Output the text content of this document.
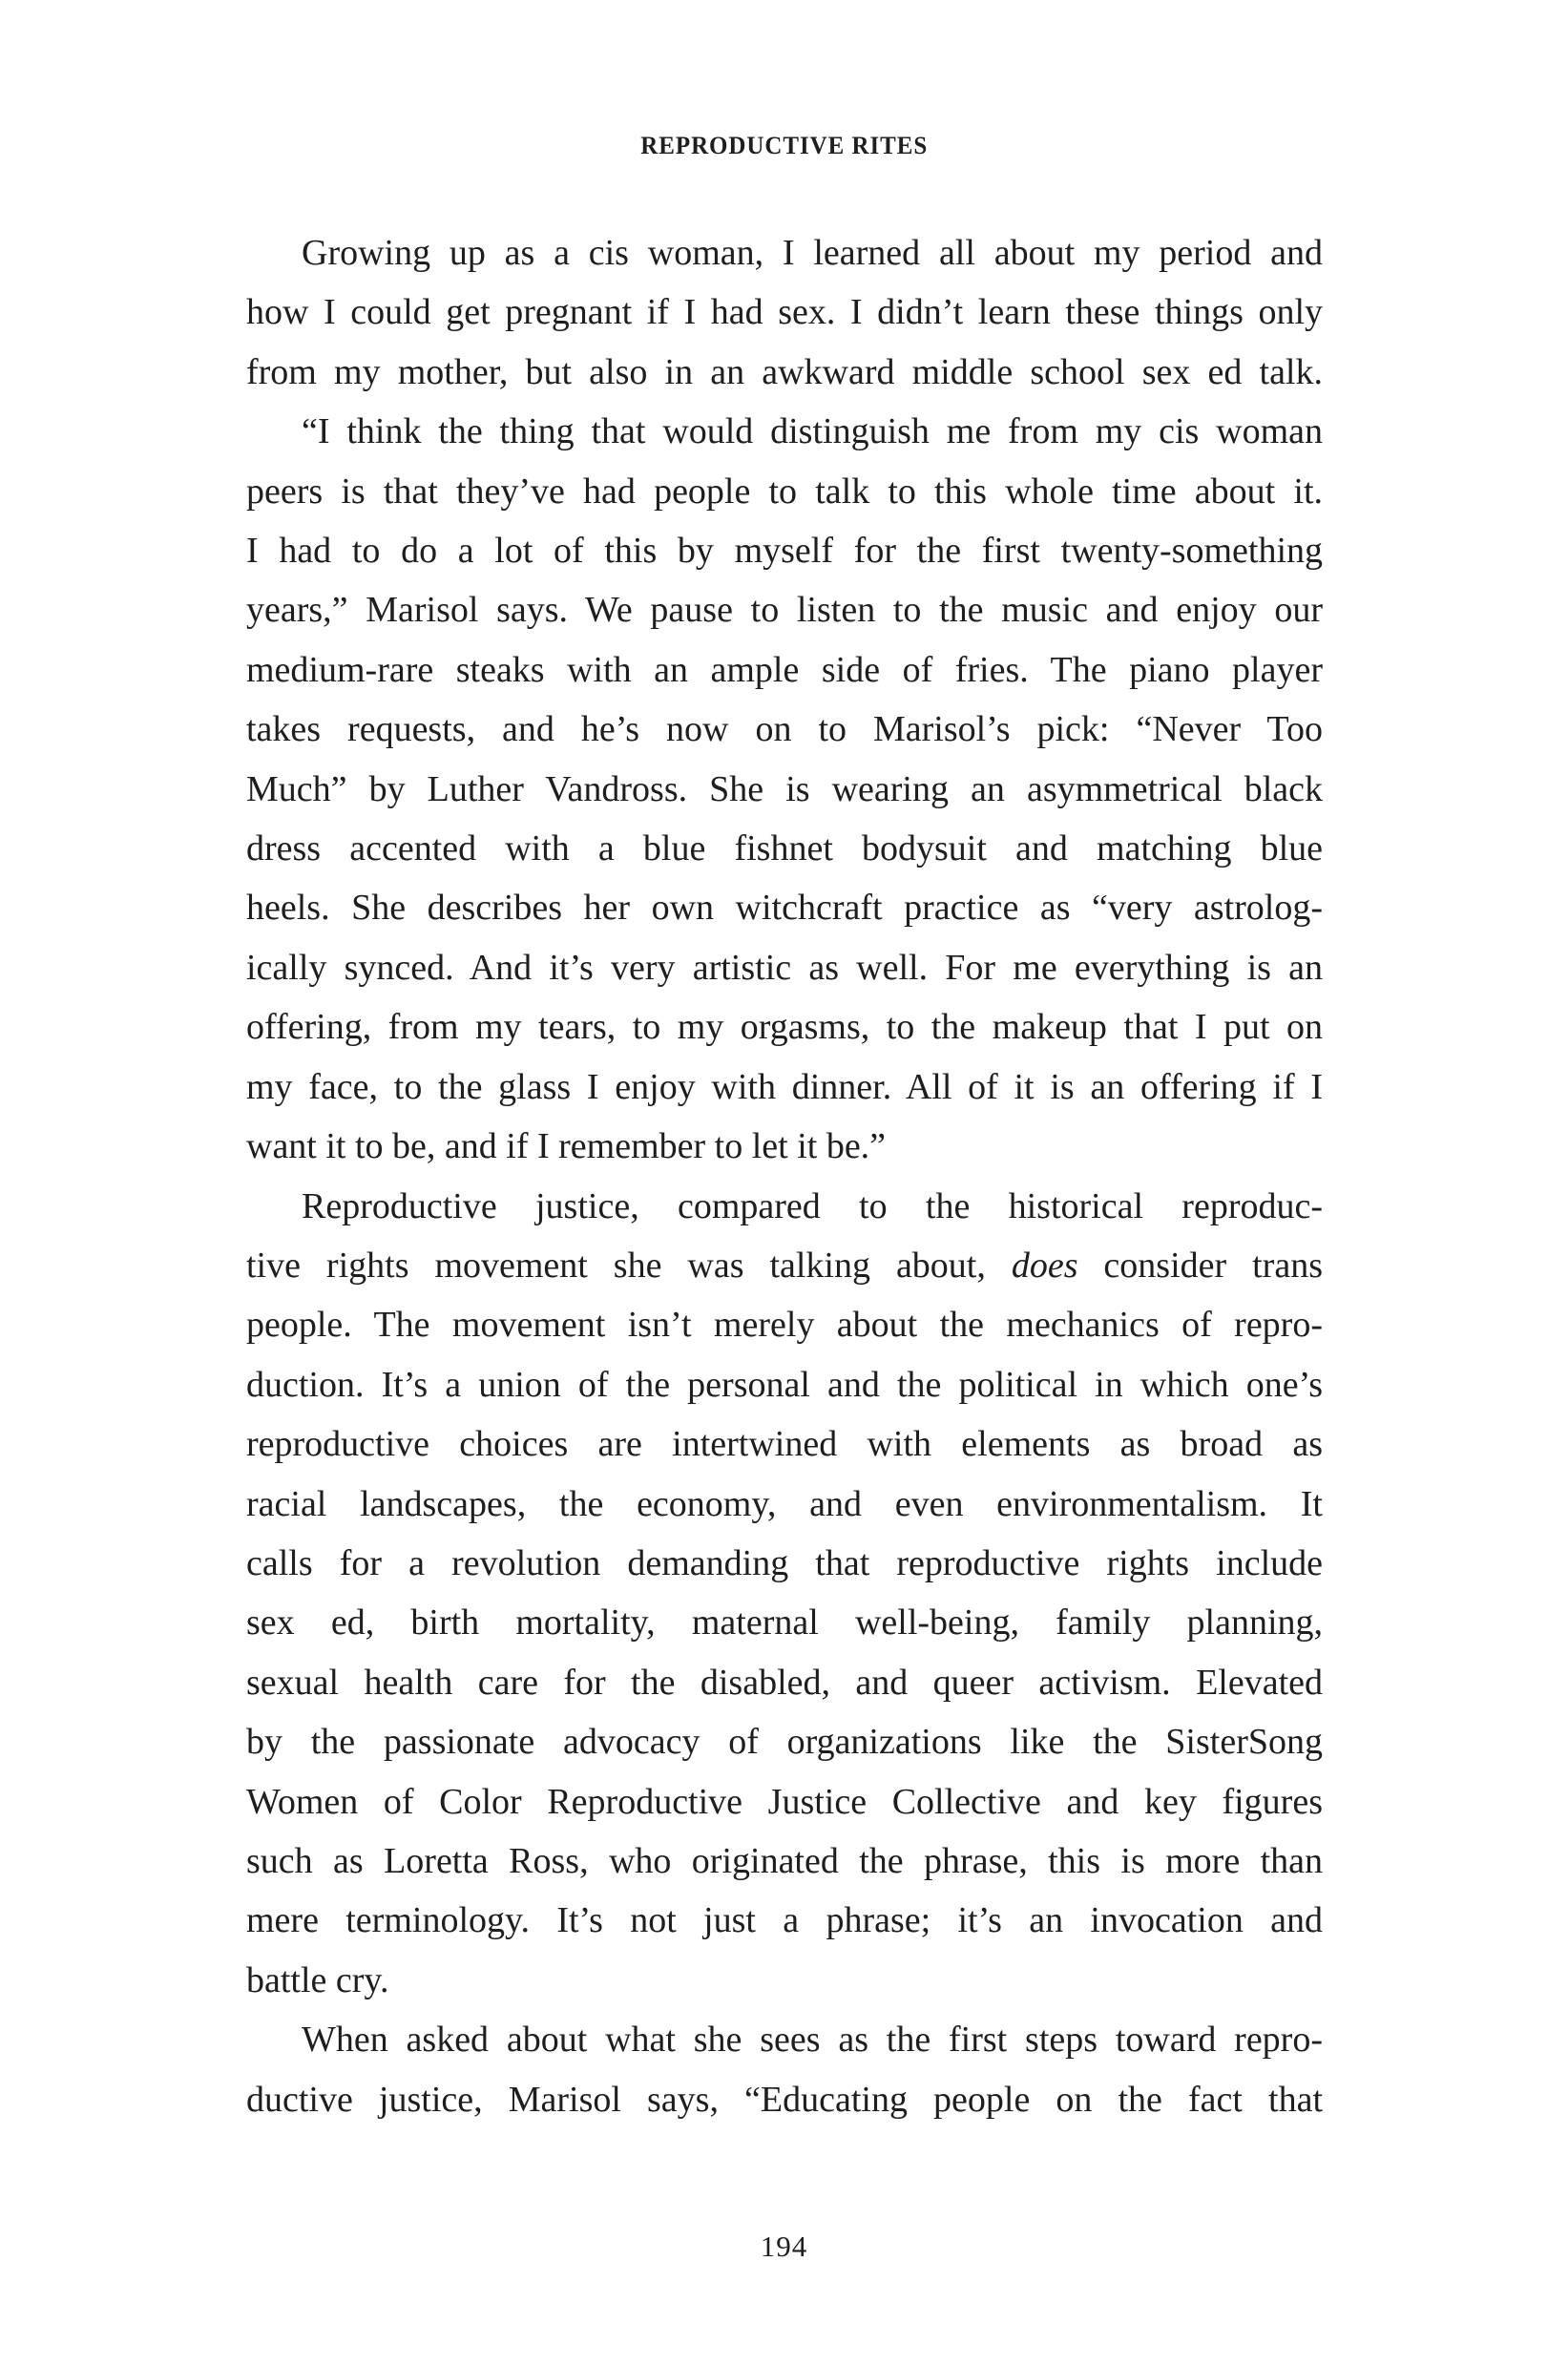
REPRODUCTIVE RITES
Growing up as a cis woman, I learned all about my period and
how I could get pregnant if I had sex. I didn’t learn these things only
from my mother, but also in an awkward middle school sex ed talk.
“I think the thing that would distinguish me from my cis woman
peers is that they’ve had people to talk to this whole time about it.
I had to do a lot of this by myself for the first twenty-something
years,” Marisol says. We pause to listen to the music and enjoy our
medium-rare steaks with an ample side of fries. The piano player
takes requests, and he’s now on to Marisol’s pick: “Never Too
Much” by Luther Vandross. She is wearing an asymmetrical black
dress accented with a blue fishnet bodysuit and matching blue
heels. She describes her own witchcraft practice as “very astrolog-
ically synced. And it’s very artistic as well. For me everything is an
offering, from my tears, to my orgasms, to the makeup that I put on
my face, to the glass I enjoy with dinner. All of it is an offering if I
want it to be, and if I remember to let it be.”
Reproductive justice, compared to the historical reproduc-
tive rights movement she was talking about, does consider trans
people. The movement isn’t merely about the mechanics of repro-
duction. It’s a union of the personal and the political in which one’s
reproductive choices are intertwined with elements as broad as
racial landscapes, the economy, and even environmentalism. It
calls for a revolution demanding that reproductive rights include
sex ed, birth mortality, maternal well-being, family planning,
sexual health care for the disabled, and queer activism. Elevated
by the passionate advocacy of organizations like the SisterSong
Women of Color Reproductive Justice Collective and key figures
such as Loretta Ross, who originated the phrase, this is more than
mere terminology. It’s not just a phrase; it’s an invocation and
battle cry.
When asked about what she sees as the first steps toward repro-
ductive justice, Marisol says, “Educating people on the fact that
194
